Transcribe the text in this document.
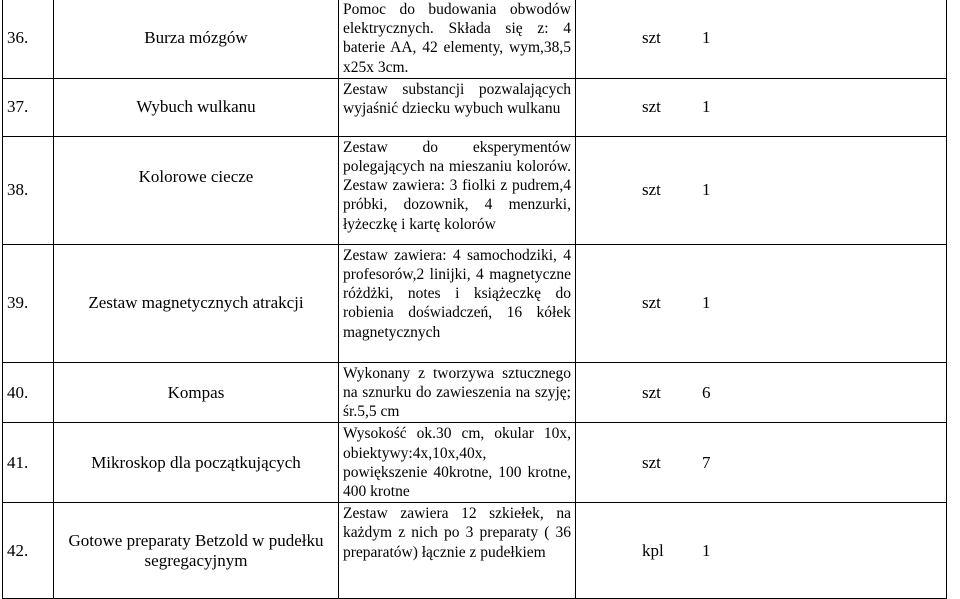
36.	Burza mózgów	Pomoc do budowania obwodów elektrycznych. Składa się z: 4 baterie AA, 42 elementy, wym,38,5 x25x 3cm.	szt 1
37.	Wybuch wulkanu	Zestaw substancji pozwalających wyjaśnić dziecku wybuch wulkanu	szt 1
38.	Kolorowe ciecze	Zestaw do eksperymentów polegających na mieszaniu kolorów. Zestaw zawiera: 3 fiolki z pudrem,4 próbki, dozownik, 4 menzurki, łyżeczkę i kartę kolorów	szt 1
39.	Zestaw magnetycznych atrakcji	Zestaw zawiera: 4 samochodziki, 4 profesorów,2 linijki, 4 magnetyczne różdżki, notes i książeczkę do robienia doświadczeń, 16 kółek magnetycznych	szt 1
40.	Kompas	Wykonany z tworzywa sztucznego na sznurku do zawieszenia na szyję; śr.5,5 cm	szt 6
41.	Mikroskop dla początkujących	Wysokość ok.30 cm, okular 10x, obiektywy:4x,10x,40x, powiększenie 40krotne, 100 krotne, 400 krotne	szt 7
42.	Gotowe preparaty Betzold w pudełku segregacyjnym	Zestaw zawiera 12 szkiełek, na każdym z nich po 3 preparaty ( 36 preparatów) łącznie z pudełkiem	kpl 1
